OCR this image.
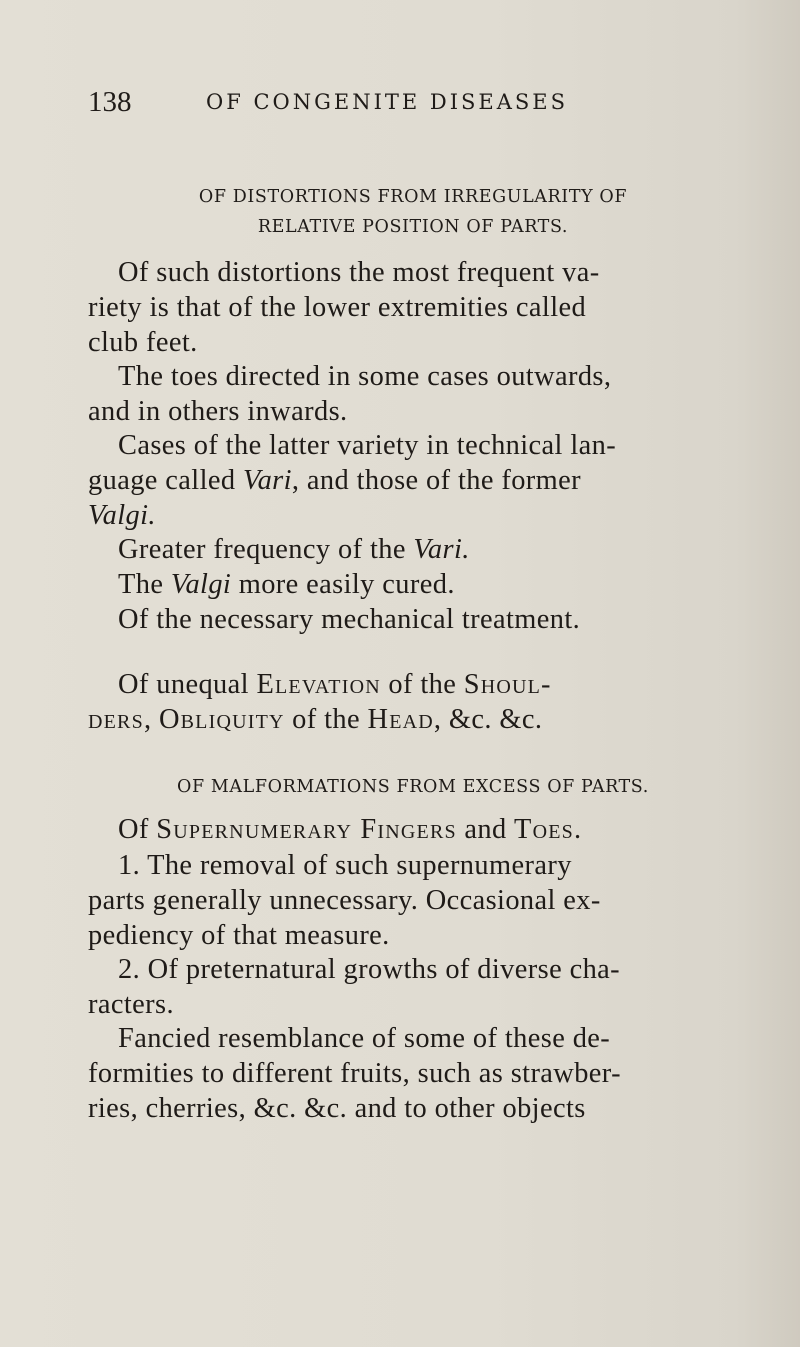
138	OF CONGENITE DISEASES
OF DISTORTIONS FROM IRREGULARITY OF
RELATIVE POSITION OF PARTS.
Of such distortions the most frequent va-
riety is that of the lower extremities called
club feet.
The toes directed in some cases outwards,
and in others inwards.
Cases of the latter variety in technical lan-
guage called Vari, and those of the former
Valgi.
Greater frequency of the Vari.
The Valgi more easily cured.
Of the necessary mechanical treatment.
Of unequal Elevation of the Shoul-
ders, Obliquity of the Head, &c. &c.
OF MALFORMATIONS FROM EXCESS OF PARTS.
Of Supernumerary Fingers and Toes.
1. The removal of such supernumerary
parts generally unnecessary. Occasional ex-
pediency of that measure.
2. Of preternatural growths of diverse cha-
racters.
Fancied resemblance of some of these de-
formities to different fruits, such as strawber-
ries, cherries, &c. &c. and to other objects
